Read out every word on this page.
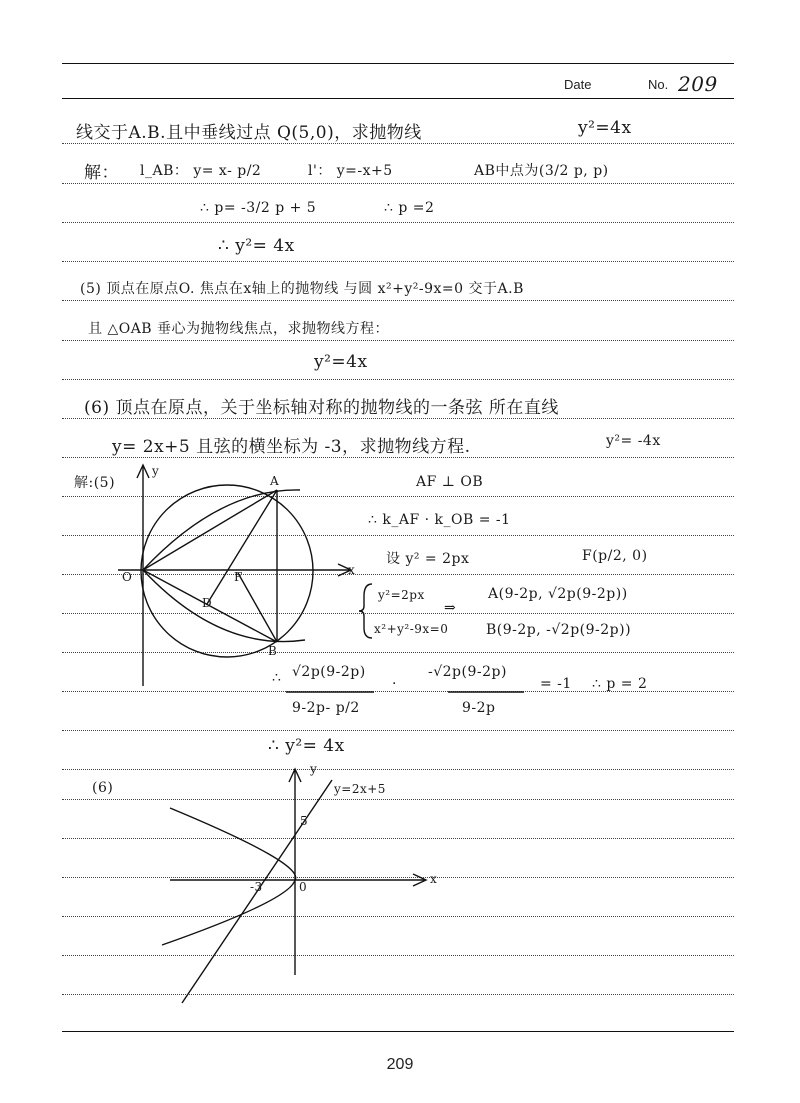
Date	No. 209
线交于A.B.且中垂线过点 Q(5,0)，求抛物线	y²=4x
解： l_AB： y= x- p/2	l'： y=-x+5	AB中点为(3/2 p, p)
∴ p= -3/2 p + 5	∴ p =2
∴ y²= 4x
(5) 顶点在原点O. 焦点在x轴上的抛物线 与圆 x²+y²-9x=0 交于A.B
且 △OAB 垂心为抛物线焦点，求抛物线方程：
y²=4x
(6) 顶点在原点，关于坐标轴对称的抛物线的一条弦 所在直线
y= 2x+5 且弦的横坐标为 -3，求抛物线方程.	y²= -4x
解:(5)
y
x
O
A
B
F
D
AF ⊥ OB
∴ k_AF · k_OB = -1
设 y² = 2px	F(p/2, 0)
y²=2px
x²+y²-9x=0
⇒
A(9-2p, √2p(9-2p))
B(9-2p, -√2p(9-2p))
∴ √2p(9-2p)
9-2p- p/2
·
-√2p(9-2p)
9-2p
= -1 ∴ p = 2
∴ y²= 4x
(6)
y
x
y=2x+5
5
-3	0
209
